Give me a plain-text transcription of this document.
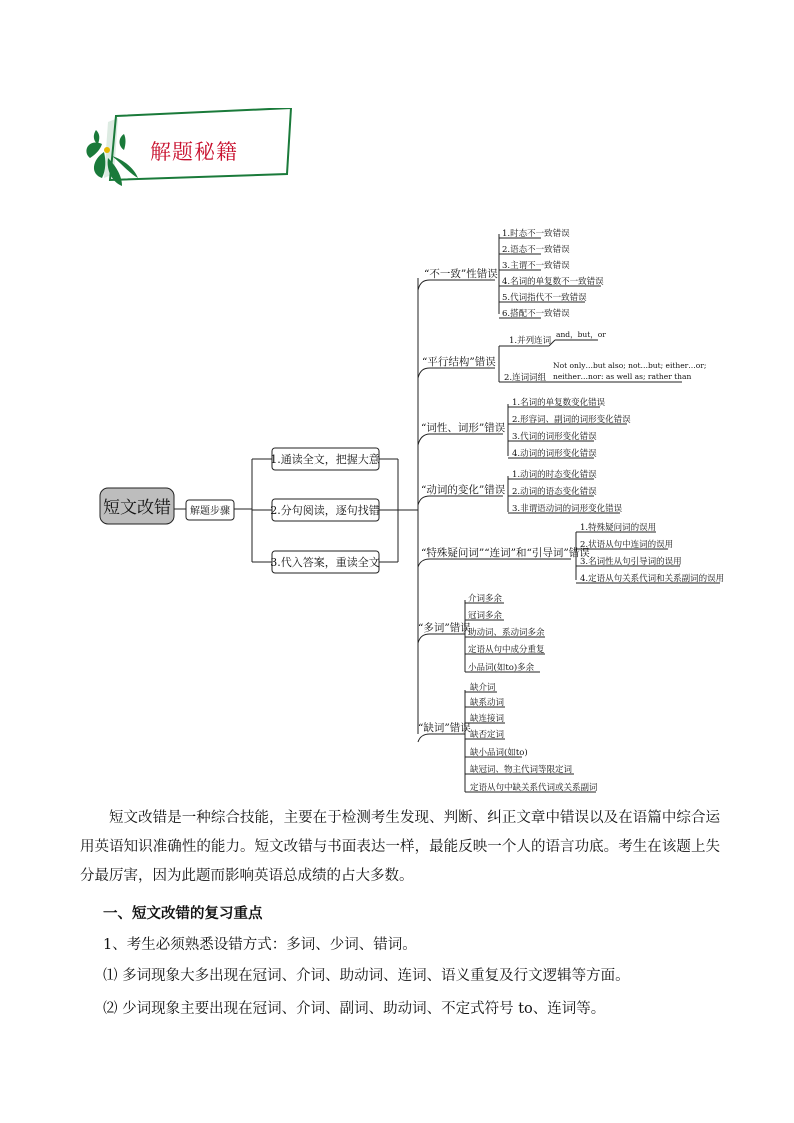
解题秘籍
短文改错 解题步骤
1.通读全文，把握大意
2.分句阅读，逐句找错
3.代入答案，重读全文
“不一致”性错误
“平行结构”错误
“词性、词形”错误
“动词的变化”错误
“特殊疑问词”“连词”和“引导词”错误
“多词”错误
“缺词”错误
1.时态不一致错误
2.语态不一致错误
3.主谓不一致错误
4.名词的单复数不一致错误
5.代词指代不一致错误
6.搭配不一致错误
1.并列连词
2.连词词组
and，but，or
Not only…but also; not…but; either…or;
neither…nor: as well as; rather than
1.名词的单复数变化错误
2.形容词、副词的词形变化错误
3.代词的词形变化错误
4.动词的词形变化错误
1.动词的时态变化错误
2.动词的语态变化错误
3.非谓语动词的词形变化错误
1.特殊疑问词的误用
2.状语从句中连词的误用
3.名词性从句引导词的误用
4.定语从句关系代词和关系副词的误用
介词多余
冠词多余
助动词、系动词多余
定语从句中成分重复
小品词(如to)多余
缺介词
缺系动词
缺连接词
缺否定词
缺小品词(如to)
缺冠词、物主代词等限定词
定语从句中缺关系代词或关系副词

短文改错是一种综合技能，主要在于检测考生发现、判断、纠正文章中错误以及在语篇中综合运用英语知识准确性的能力。短文改错与书面表达一样，最能反映一个人的语言功底。考生在该题上失分最厉害，因为此题而影响英语总成绩的占大多数。

一、短文改错的复习重点

1、考生必须熟悉设错方式：多词、少词、错词。

⑴ 多词现象大多出现在冠词、介词、助动词、连词、语义重复及行文逻辑等方面。

⑵ 少词现象主要出现在冠词、介词、副词、助动词、不定式符号 to、连词等。
